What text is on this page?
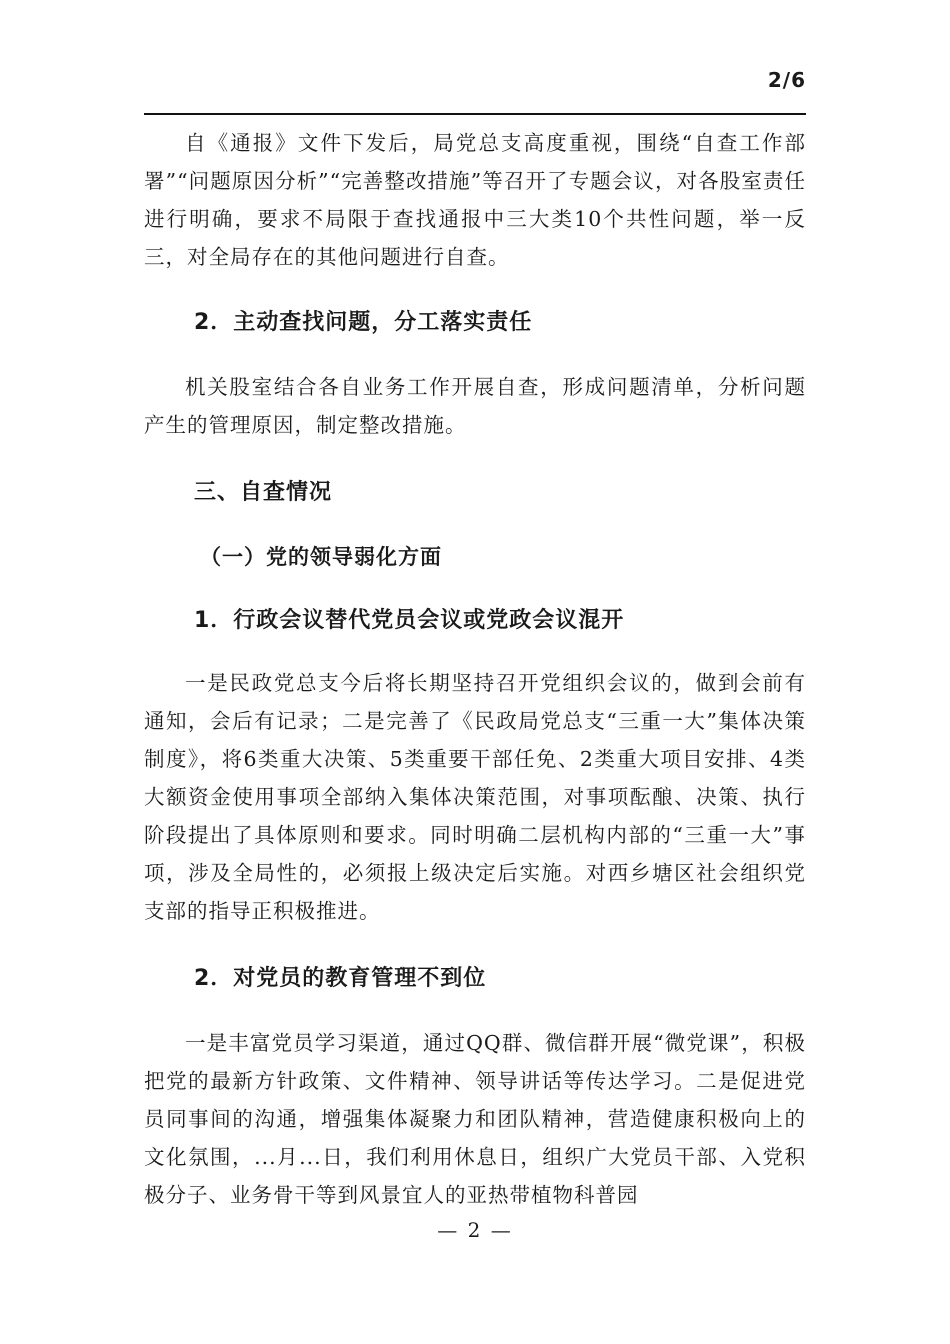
2/6

自《通报》文件下发后，局党总支高度重视，围绕“自查工作部署”“问题原因分析”“完善整改措施”等召开了专题会议，对各股室责任进行明确，要求不局限于查找通报中三大类10个共性问题，举一反三，对全局存在的其他问题进行自查。

2．主动查找问题，分工落实责任

机关股室结合各自业务工作开展自查，形成问题清单，分析问题产生的管理原因，制定整改措施。

三、自查情况

（一）党的领导弱化方面

1．行政会议替代党员会议或党政会议混开

一是民政党总支今后将长期坚持召开党组织会议的，做到会前有通知，会后有记录；二是完善了《民政局党总支“三重一大”集体决策制度》，将6类重大决策、5类重要干部任免、2类重大项目安排、4类大额资金使用事项全部纳入集体决策范围，对事项酝酿、决策、执行阶段提出了具体原则和要求。同时明确二层机构内部的“三重一大”事项，涉及全局性的，必须报上级决定后实施。对西乡塘区社会组织党支部的指导正积极推进。

2．对党员的教育管理不到位

一是丰富党员学习渠道，通过QQ群、微信群开展“微党课”，积极把党的最新方针政策、文件精神、领导讲话等传达学习。二是促进党员同事间的沟通，增强集体凝聚力和团队精神，营造健康积极向上的文化氛围，...月...日，我们利用休息日，组织广大党员干部、入党积极分子、业务骨干等到风景宜人的亚热带植物科普园

— 2 —
